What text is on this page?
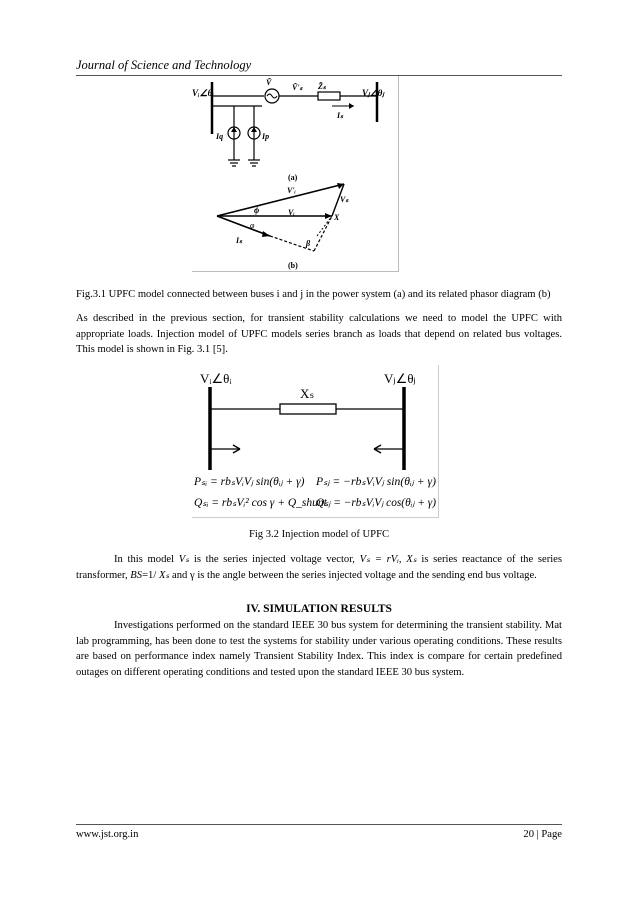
Journal of Science and Technology
Vᵢ∠θᵢ	Vⱼ∠θⱼ
Ṽ
Ṽ'ₛ Z̃ₛ
Iₛ
Iq	Ip
(a)
V'ᵢ
Vᵢ
Vₛ
ϕ
φ
X
β
Iₛ
(b)
Fig.3.1 UPFC model connected between buses i and j in the power system (a) and its related phasor diagram (b)
As described in the previous section, for transient stability calculations we need to model the UPFC with appropriate loads. Injection model of UPFC models series branch as loads that depend on related bus voltages. This model is shown in Fig. 3.1 [5].
Vᵢ∠θᵢ	Vⱼ∠θⱼ
Xₛ
Pₛᵢ = rbₛVᵢVⱼ sin(θᵢⱼ + γ)
Qₛᵢ = rbₛVᵢ² cos γ + Q_shunt
Pₛⱼ = −rbₛVᵢVⱼ sin(θᵢⱼ + γ)
Qₛⱼ = −rbₛVᵢVⱼ cos(θᵢⱼ + γ)
Fig 3.2 Injection model of UPFC
In this model Vₛ is the series injected voltage vector, Vₛ = rVᵢ, Xₛ is series reactance of the series transformer, BS=1/ Xₛ and γ is the angle between the series injected voltage and the sending end bus voltage.
IV. SIMULATION RESULTS
Investigations performed on the standard IEEE 30 bus system for determining the transient stability. Mat lab programming, has been done to test the systems for stability under various operating conditions. These results are based on performance index namely Transient Stability Index. This index is compare for certain predefined outages on different operating conditions and tested upon the standard IEEE 30 bus system.
www.jst.org.in	20 | Page
